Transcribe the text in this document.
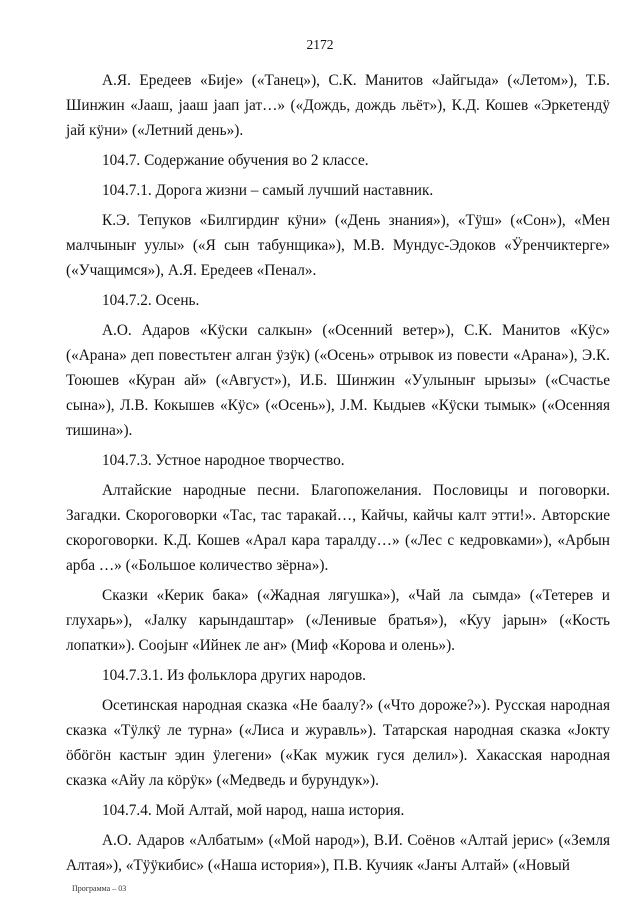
2172

А.Я. Ередеев «Бије» («Танец»), С.К. Манитов «Јайгыда» («Летом»), Т.Б. Шинжин «Јааш, јааш јаап јат…» («Дождь, дождь льёт»), К.Д. Кошев «Эркетендӱ јай кӱни» («Летний день»).

104.7. Содержание обучения во 2 классе.

104.7.1. Дорога жизни – самый лучший наставник.

К.Э. Тепуков «Билгирдиҥ кӱни» («День знания»), «Тӱш» («Сон»), «Мен малчыныҥ уулы» («Я сын табунщика»), М.В. Мундус-Эдоков «Ӱренчиктерге» («Учащимся»), А.Я. Ередеев «Пенал».

104.7.2. Осень.

А.О. Адаров «Кӱски салкын» («Осенний ветер»), С.К. Манитов «Кӱс» («Арана» деп повестьтеҥ алган ӱзӱк) («Осень» отрывок из повести «Арана»), Э.К. Тоюшев «Куран ай» («Август»), И.Б. Шинжин «Уулыныҥ ырызы» («Счастье сына»), Л.В. Кокышев «Кӱс» («Осень»), Ј.М. Кыдыев «Кӱски тымык» («Осенняя тишина»).

104.7.3. Устное народное творчество.

Алтайские народные песни. Благопожелания. Пословицы и поговорки. Загадки. Скороговорки «Тас, тас таракай…, Кайчы, кайчы калт этти!». Авторские скороговорки. К.Д. Кошев «Арал кара таралду…» («Лес с кедровками»), «Арбын арба …» («Большое количество зёрна»).

Сказки «Керик бака» («Жадная лягушка»), «Чай ла сымда» («Тетерев и глухарь»), «Јалку карындаштар» («Ленивые братья»), «Куу јарын» («Кость лопатки»). Соојыҥ «Ийнек ле аҥ» (Миф «Корова и олень»).

104.7.3.1. Из фольклора других народов.

Осетинская народная сказка «Не баалу?» («Что дороже?»). Русская народная сказка «Тӱлкӱ ле турна» («Лиса и журавль»). Татарская народная сказка «Јокту ӧбӧгӧн кастыҥ эдин ӱлегени» («Как мужик гуся делил»). Хакасская народная сказка «Айу ла кӧрӱк» («Медведь и бурундук»).

104.7.4. Мой Алтай, мой народ, наша история.

А.О. Адаров «Албатым» («Мой народ»), В.И. Соёнов «Алтай јерис» («Земля Алтая»), «Тӱӱкибис» («Наша история»), П.В. Кучияк «Јаҥы Алтай» («Новый

Программа – 03
